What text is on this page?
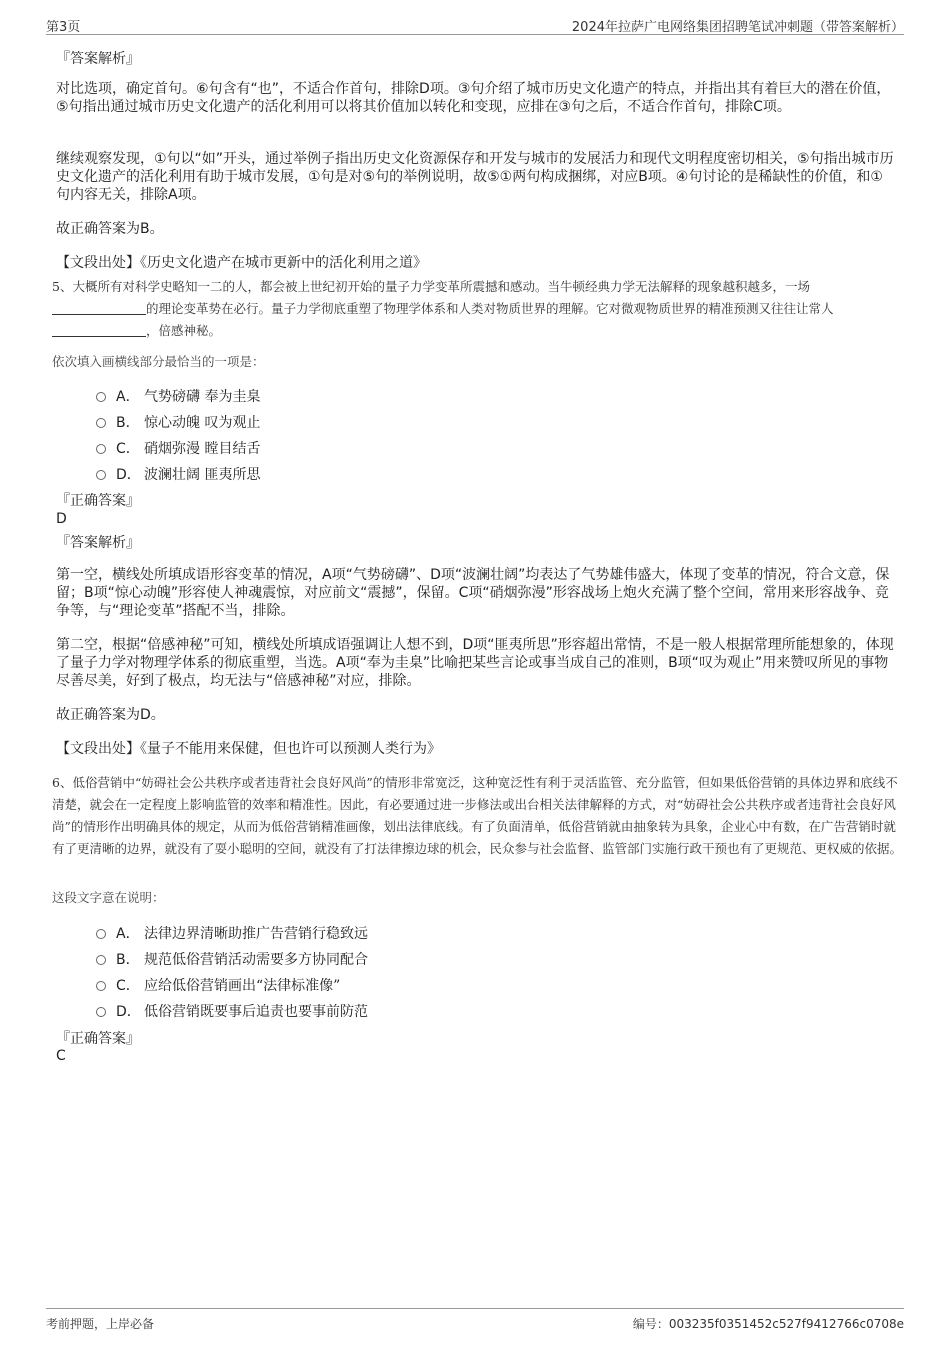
第3页	2024年拉萨广电网络集团招聘笔试冲刺题（带答案解析）
『答案解析』
对比选项，确定首句。⑥句含有“也”，不适合作首句，排除D项。③句介绍了城市历史文化遗产的特点，并指出其有着巨大的潜在价值，⑤句指出通过城市历史文化遗产的活化利用可以将其价值加以转化和变现，应排在③句之后，不适合作首句，排除C项。
继续观察发现，①句以“如”开头，通过举例子指出历史文化资源保存和开发与城市的发展活力和现代文明程度密切相关，⑤句指出城市历史文化遗产的活化利用有助于城市发展，①句是对⑤句的举例说明，故⑤①两句构成捆绑，对应B项。④句讨论的是稀缺性的价值，和①句内容无关，排除A项。
故正确答案为B。
【文段出处】《历史文化遗产在城市更新中的活化利用之道》
5、大概所有对科学史略知一二的人，都会被上世纪初开始的量子力学变革所震撼和感动。当牛顿经典力学无法解释的现象越积越多，一场
的理论变革势在必行。量子力学彻底重塑了物理学体系和人类对物质世界的理解。它对微观物质世界的精准预测又往往让常人
，倍感神秘。
依次填入画横线部分最恰当的一项是：
A． 气势磅礴 奉为圭臬
B． 惊心动魄 叹为观止
C． 硝烟弥漫 瞠目结舌
D． 波澜壮阔 匪夷所思
『正确答案』
D
『答案解析』
第一空，横线处所填成语形容变革的情况，A项“气势磅礴”、D项“波澜壮阔”均表达了气势雄伟盛大，体现了变革的情况，符合文意，保留；B项“惊心动魄”形容使人神魂震惊，对应前文“震撼”，保留。C项“硝烟弥漫”形容战场上炮火充满了整个空间，常用来形容战争、竞争等，与“理论变革”搭配不当，排除。
第二空，根据“倍感神秘”可知，横线处所填成语强调让人想不到，D项“匪夷所思”形容超出常情，不是一般人根据常理所能想象的，体现了量子力学对物理学体系的彻底重塑，当选。A项“奉为圭臬”比喻把某些言论或事当成自己的准则，B项“叹为观止”用来赞叹所见的事物尽善尽美，好到了极点，均无法与“倍感神秘”对应，排除。
故正确答案为D。
【文段出处】《量子不能用来保健，但也许可以预测人类行为》
6、低俗营销中“妨碍社会公共秩序或者违背社会良好风尚”的情形非常宽泛，这种宽泛性有利于灵活监管、充分监管，但如果低俗营销的具体边界和底线不清楚，就会在一定程度上影响监管的效率和精准性。因此，有必要通过进一步修法或出台相关法律解释的方式，对“妨碍社会公共秩序或者违背社会良好风尚”的情形作出明确具体的规定，从而为低俗营销精准画像，划出法律底线。有了负面清单，低俗营销就由抽象转为具象，企业心中有数，在广告营销时就有了更清晰的边界，就没有了耍小聪明的空间，就没有了打法律擦边球的机会，民众参与社会监督、监管部门实施行政干预也有了更规范、更权威的依据。
这段文字意在说明：
A． 法律边界清晰助推广告营销行稳致远
B． 规范低俗营销活动需要多方协同配合
C． 应给低俗营销画出“法律标准像”
D． 低俗营销既要事后追责也要事前防范
『正确答案』
C
考前押题，上岸必备	编号：003235f0351452c527f9412766c0708e
